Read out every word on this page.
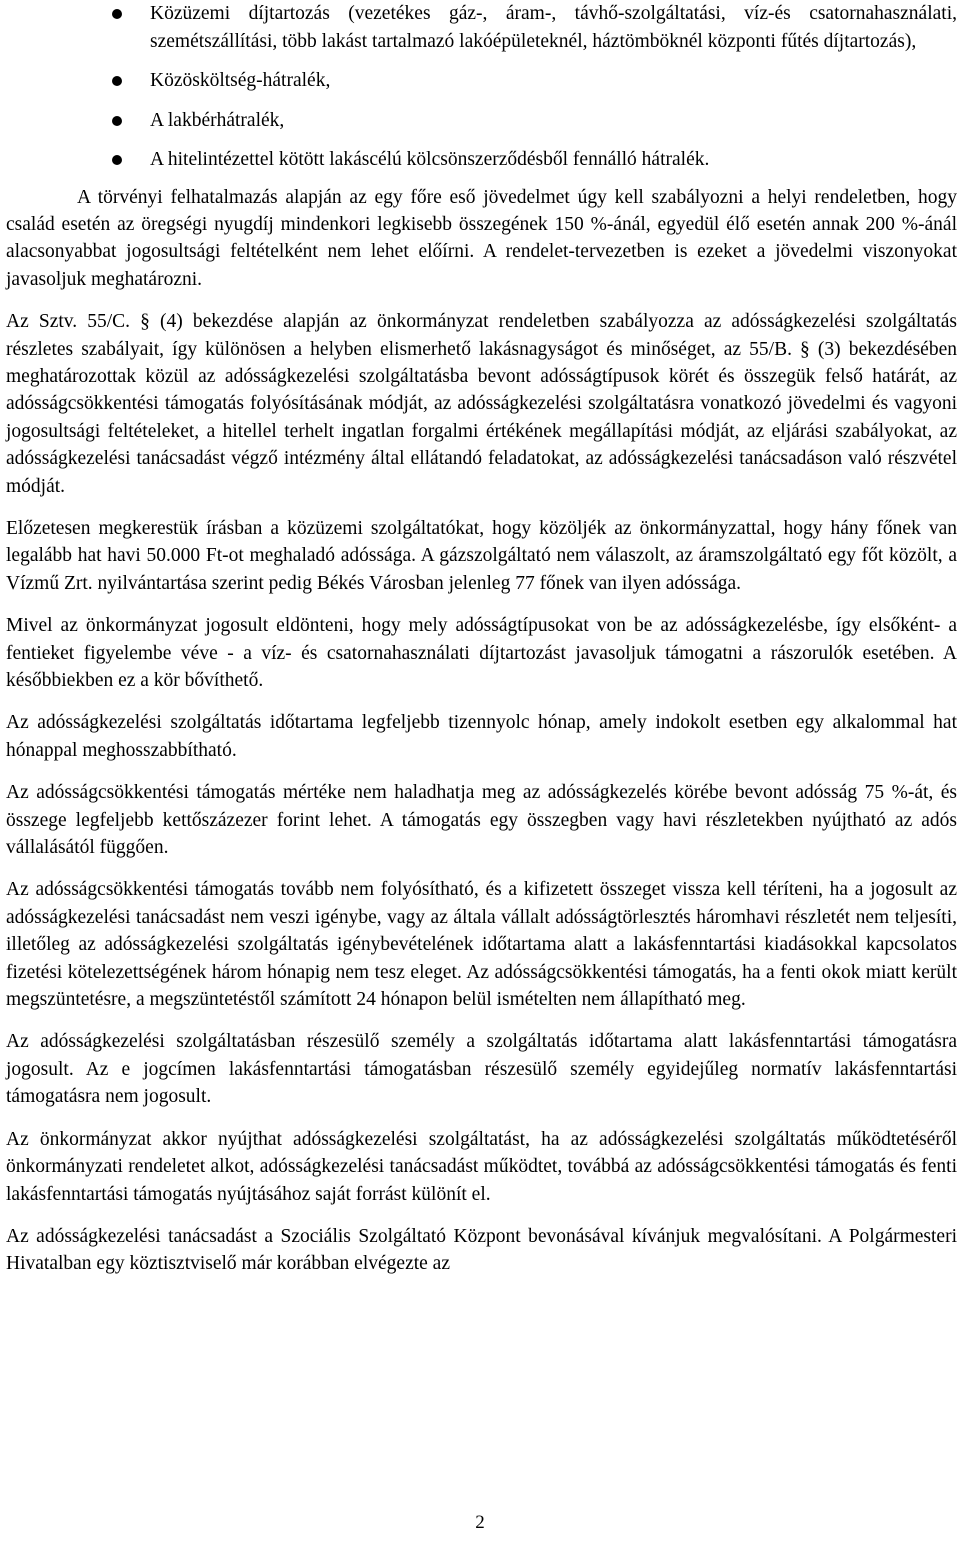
Közüzemi díjtartozás (vezetékes gáz-, áram-, távhő-szolgáltatási, víz-és csatornahasználati, szemétszállítási, több lakást tartalmazó lakóépületeknél, háztömböknél központi fűtés díjtartozás),
Közösköltség-hátralék,
A lakbérhátralék,
A hitelintézettel kötött lakáscélú kölcsönszerződésből fennálló hátralék.

A törvényi felhatalmazás alapján az egy főre eső jövedelmet úgy kell szabályozni a helyi rendeletben, hogy család esetén az öregségi nyugdíj mindenkori legkisebb összegének 150 %-ánál, egyedül élő esetén annak 200 %-ánál alacsonyabbat jogosultsági feltételként nem lehet előírni. A rendelet-tervezetben is ezeket a jövedelmi viszonyokat javasoljuk meghatározni.

Az Sztv. 55/C. § (4) bekezdése alapján az önkormányzat rendeletben szabályozza az adósságkezelési szolgáltatás részletes szabályait, így különösen a helyben elismerhető lakásnagyságot és minőséget, az 55/B. § (3) bekezdésében meghatározottak közül az adósságkezelési szolgáltatásba bevont adósságtípusok körét és összegük felső határát, az adósságcsökkentési támogatás folyósításának módját, az adósságkezelési szolgáltatásra vonatkozó jövedelmi és vagyoni jogosultsági feltételeket, a hitellel terhelt ingatlan forgalmi értékének megállapítási módját, az eljárási szabályokat, az adósságkezelési tanácsadást végző intézmény által ellátandó feladatokat, az adósságkezelési tanácsadáson való részvétel módját.

Előzetesen megkerestük írásban a közüzemi szolgáltatókat, hogy közöljék az önkormányzattal, hogy hány főnek van legalább hat havi 50.000 Ft-ot meghaladó adóssága. A gázszolgáltató nem válaszolt, az áramszolgáltató egy főt közölt, a Vízmű Zrt. nyilvántartása szerint pedig Békés Városban jelenleg 77 főnek van ilyen adóssága.

Mivel az önkormányzat jogosult eldönteni, hogy mely adósságtípusokat von be az adósságkezelésbe, így elsőként- a fentieket figyelembe véve - a víz- és csatornahasználati díjtartozást javasoljuk támogatni a rászorulók esetében. A későbbiekben ez a kör bővíthető.

Az adósságkezelési szolgáltatás időtartama legfeljebb tizennyolc hónap, amely indokolt esetben egy alkalommal hat hónappal meghosszabbítható.

Az adósságcsökkentési támogatás mértéke nem haladhatja meg az adósságkezelés körébe bevont adósság 75 %-át, és összege legfeljebb kettőszázezer forint lehet. A támogatás egy összegben vagy havi részletekben nyújtható az adós vállalásától függően.

Az adósságcsökkentési támogatás tovább nem folyósítható, és a kifizetett összeget vissza kell téríteni, ha a jogosult az adósságkezelési tanácsadást nem veszi igénybe, vagy az általa vállalt adósságtörlesztés háromhavi részletét nem teljesíti, illetőleg az adósságkezelési szolgáltatás igénybevételének időtartama alatt a lakásfenntartási kiadásokkal kapcsolatos fizetési kötelezettségének három hónapig nem tesz eleget. Az adósságcsökkentési támogatás, ha a fenti okok miatt került megszüntetésre, a megszüntetéstől számított 24 hónapon belül ismételten nem állapítható meg.

Az adósságkezelési szolgáltatásban részesülő személy a szolgáltatás időtartama alatt lakásfenntartási támogatásra jogosult. Az e jogcímen lakásfenntartási támogatásban részesülő személy egyidejűleg normatív lakásfenntartási támogatásra nem jogosult.

Az önkormányzat akkor nyújthat adósságkezelési szolgáltatást, ha az adósságkezelési szolgáltatás működtetéséről önkormányzati rendeletet alkot, adósságkezelési tanácsadást működtet, továbbá az adósságcsökkentési támogatás és fenti lakásfenntartási támogatás nyújtásához saját forrást különít el.

Az adósságkezelési tanácsadást a Szociális Szolgáltató Központ bevonásával kívánjuk megvalósítani. A Polgármesteri Hivatalban egy köztisztviselő már korábban elvégezte az

2
